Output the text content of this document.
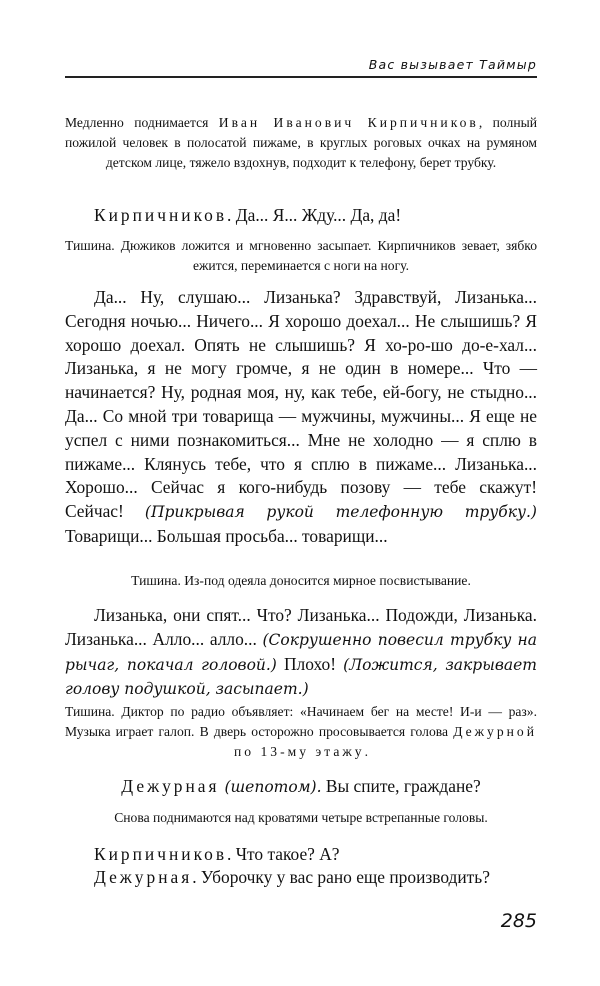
Вас вызывает Таймыр
Медленно поднимается Иван Иванович Кирпичников, полный пожилой человек в полосатой пижаме, в круглых роговых очках на румяном детском лице, тяжело вздохнув, подходит к телефону, берет трубку.
Кирпичников. Да... Я... Жду... Да, да!
Тишина. Дюжиков ложится и мгновенно засыпает. Кирпичников зевает, зябко ежится, переминается с ноги на ногу.
Да... Ну, слушаю... Лизанька? Здравствуй, Лизанька... Сегодня ночью... Ничего... Я хорошо доехал... Не слышишь? Я хорошо доехал. Опять не слышишь? Я хо-ро-шо до-е-хал... Лизанька, я не могу громче, я не один в номере... Что — начинается? Ну, родная моя, ну, как тебе, ей-богу, не стыдно... Да... Со мной три товарища — мужчины, мужчины... Я еще не успел с ними познакомиться... Мне не холодно — я сплю в пижаме... Клянусь тебе, что я сплю в пижаме... Лизанька... Хорошо... Сейчас я кого-нибудь позову — тебе скажут! Сейчас! (Прикрывая рукой телефонную трубку.) Товарищи... Большая просьба... товарищи...
Тишина. Из-под одеяла доносится мирное посвистывание.
Лизанька, они спят... Что? Лизанька... Подожди, Лизанька. Лизанька... Алло... алло... (Сокрушенно повесил трубку на рычаг, покачал головой.) Плохо! (Ложится, закрывает голову подушкой, засыпает.)
Тишина. Диктор по радио объявляет: «Начинаем бег на месте! И-и — раз». Музыка играет галоп. В дверь осторожно просовывается голова Дежурной по 13-му этажу.
Дежурная (шепотом). Вы спите, граждане?
Снова поднимаются над кроватями четыре встрепанные головы.
Кирпичников. Что такое? А?
Дежурная. Уборочку у вас рано еще производить?
285
